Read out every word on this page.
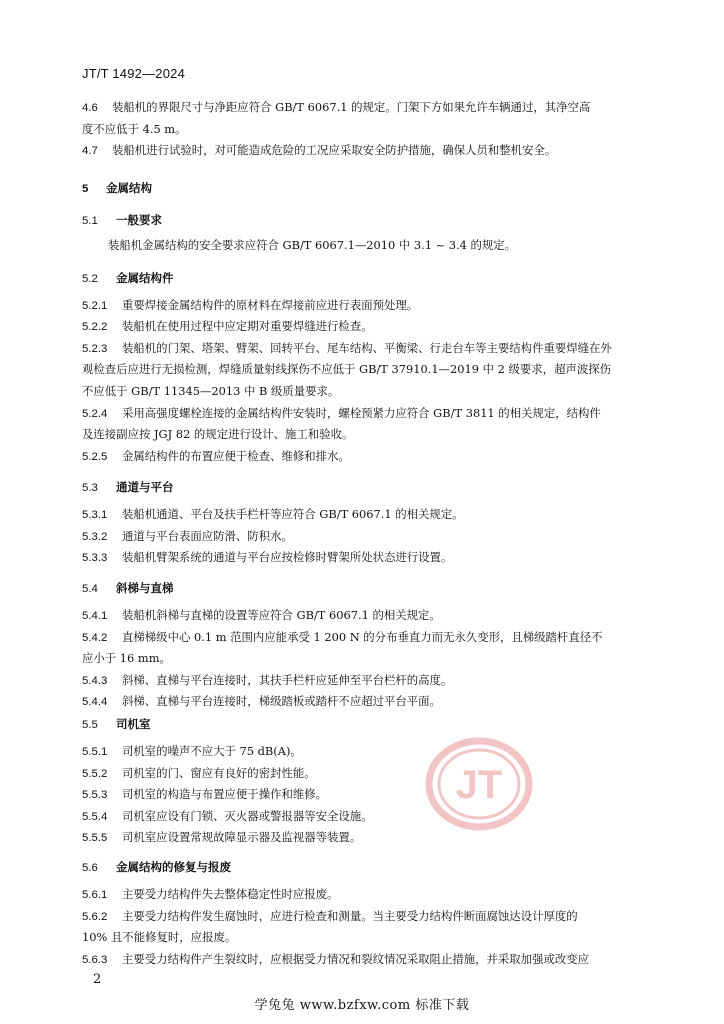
JT/T 1492—2024
4.6 装船机的界限尺寸与净距应符合 GB/T 6067.1 的规定。门架下方如果允许车辆通过，其净空高
度不应低于 4.5 m。
4.7 装船机进行试验时，对可能造成危险的工况应采取安全防护措施，确保人员和整机安全。
5 金属结构
5.1 一般要求
装船机金属结构的安全要求应符合 GB/T 6067.1—2010 中 3.1 ~ 3.4 的规定。
5.2 金属结构件
5.2.1 重要焊接金属结构件的原材料在焊接前应进行表面预处理。
5.2.2 装船机在使用过程中应定期对重要焊缝进行检查。
5.2.3 装船机的门架、塔架、臂架、回转平台、尾车结构、平衡梁、行走台车等主要结构件重要焊缝在外
观检查后应进行无损检测，焊缝质量射线探伤不应低于 GB/T 37910.1—2019 中 2 级要求，超声波探伤
不应低于 GB/T 11345—2013 中 B 级质量要求。
5.2.4 采用高强度螺栓连接的金属结构件安装时，螺栓预紧力应符合 GB/T 3811 的相关规定，结构件
及连接副应按 JGJ 82 的规定进行设计、施工和验收。
5.2.5 金属结构件的布置应便于检查、维修和排水。
5.3 通道与平台
5.3.1 装船机通道、平台及扶手栏杆等应符合 GB/T 6067.1 的相关规定。
5.3.2 通道与平台表面应防滑、防积水。
5.3.3 装船机臂架系统的通道与平台应按检修时臂架所处状态进行设置。
5.4 斜梯与直梯
5.4.1 装船机斜梯与直梯的设置等应符合 GB/T 6067.1 的相关规定。
5.4.2 直梯梯级中心 0.1 m 范围内应能承受 1 200 N 的分布垂直力而无永久变形，且梯级踏杆直径不
应小于 16 mm。
5.4.3 斜梯、直梯与平台连接时，其扶手栏杆应延伸至平台栏杆的高度。
5.4.4 斜梯、直梯与平台连接时，梯级踏板或踏杆不应超过平台平面。
5.5 司机室
JT
5.5.1 司机室的噪声不应大于 75 dB(A)。
5.5.2 司机室的门、窗应有良好的密封性能。
5.5.3 司机室的构造与布置应便于操作和维修。
5.5.4 司机室应设有门锁、灭火器或警报器等安全设施。
5.5.5 司机室应设置常规故障显示器及监视器等装置。
5.6 金属结构的修复与报废
5.6.1 主要受力结构件失去整体稳定性时应报废。
5.6.2 主要受力结构件发生腐蚀时，应进行检查和测量。当主要受力结构件断面腐蚀达设计厚度的
10% 且不能修复时，应报废。
5.6.3 主要受力结构件产生裂纹时，应根据受力情况和裂纹情况采取阻止措施，并采取加强或改变应
2
学兔兔 www.bzfxw.com 标准下载
